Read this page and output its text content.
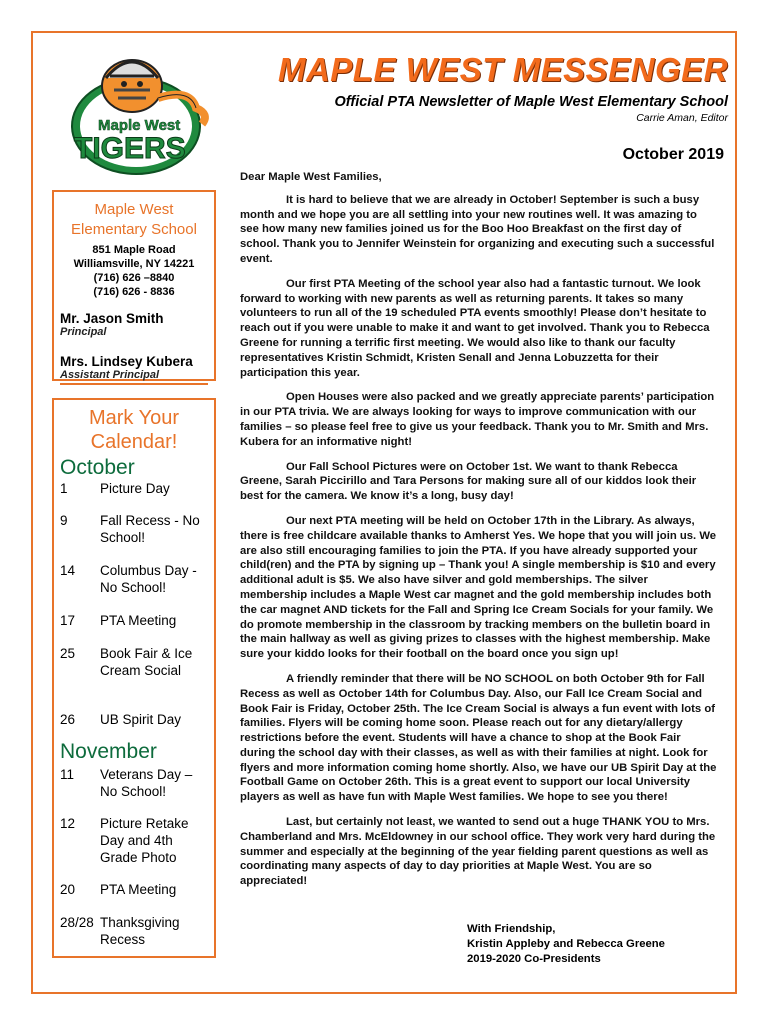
Maple West
TIGERS
MAPLE WEST MESSENGER
Official PTA Newsletter of Maple West Elementary School
Carrie Aman, Editor
October 2019
Maple West
Elementary School
851 Maple Road
Williamsville, NY 14221
(716) 626 –8840
(716) 626 - 8836
Mr. Jason Smith
Principal
Mrs. Lindsey Kubera
Assistant Principal
Mark Your
Calendar!
October
1	Picture Day
9	Fall Recess - No School!
14	Columbus Day - No School!
17	PTA Meeting
25	Book Fair & Ice Cream Social
26	UB Spirit Day
November
11	Veterans Day – No School!
12	Picture Retake Day and 4th Grade Photo
20	PTA Meeting
28/28 Thanksgiving Recess

Dear Maple West Families,

It is hard to believe that we are already in October! September is such a busy month and we hope you are all settling into your new routines well. It was amazing to see how many new families joined us for the Boo Hoo Breakfast on the first day of school. Thank you to Jennifer Weinstein for organizing and executing such a successful event.

Our first PTA Meeting of the school year also had a fantastic turnout. We look forward to working with new parents as well as returning parents. It takes so many volunteers to run all of the 19 scheduled PTA events smoothly! Please don’t hesitate to reach out if you were unable to make it and want to get involved. Thank you to Rebecca Greene for running a terrific first meeting. We would also like to thank our faculty representatives Kristin Schmidt, Kristen Senall and Jenna Lobuzzetta for their participation this year.

Open Houses were also packed and we greatly appreciate parents’ participation in our PTA trivia. We are always looking for ways to improve communication with our families – so please feel free to give us your feedback. Thank you to Mr. Smith and Mrs. Kubera for an informative night!

Our Fall School Pictures were on October 1st. We want to thank Rebecca Greene, Sarah Piccirillo and Tara Persons for making sure all of our kiddos look their best for the camera. We know it’s a long, busy day!

Our next PTA meeting will be held on October 17th in the Library. As always, there is free childcare available thanks to Amherst Yes. We hope that you will join us. We are also still encouraging families to join the PTA. If you have already supported your child(ren) and the PTA by signing up – Thank you! A single membership is $10 and every additional adult is $5. We also have silver and gold memberships. The silver membership includes a Maple West car magnet and the gold membership includes both the car magnet AND tickets for the Fall and Spring Ice Cream Socials for your family. We do promote membership in the classroom by tracking members on the bulletin board in the main hallway as well as giving prizes to classes with the highest membership. Make sure your kiddo looks for their football on the board once you sign up!

A friendly reminder that there will be NO SCHOOL on both October 9th for Fall Recess as well as October 14th for Columbus Day. Also, our Fall Ice Cream Social and Book Fair is Friday, October 25th. The Ice Cream Social is always a fun event with lots of families. Flyers will be coming home soon. Please reach out for any dietary/allergy restrictions before the event. Students will have a chance to shop at the Book Fair during the school day with their classes, as well as with their families at night. Look for flyers and more information coming home shortly. Also, we have our UB Spirit Day at the Football Game on October 26th. This is a great event to support our local University players as well as have fun with Maple West families. We hope to see you there!

Last, but certainly not least, we wanted to send out a huge THANK YOU to Mrs. Chamberland and Mrs. McEldowney in our school office. They work very hard during the summer and especially at the beginning of the year fielding parent questions as well as coordinating many aspects of day to day priorities at Maple West. You are so appreciated!

With Friendship,
Kristin Appleby and Rebecca Greene
2019-2020 Co-Presidents
